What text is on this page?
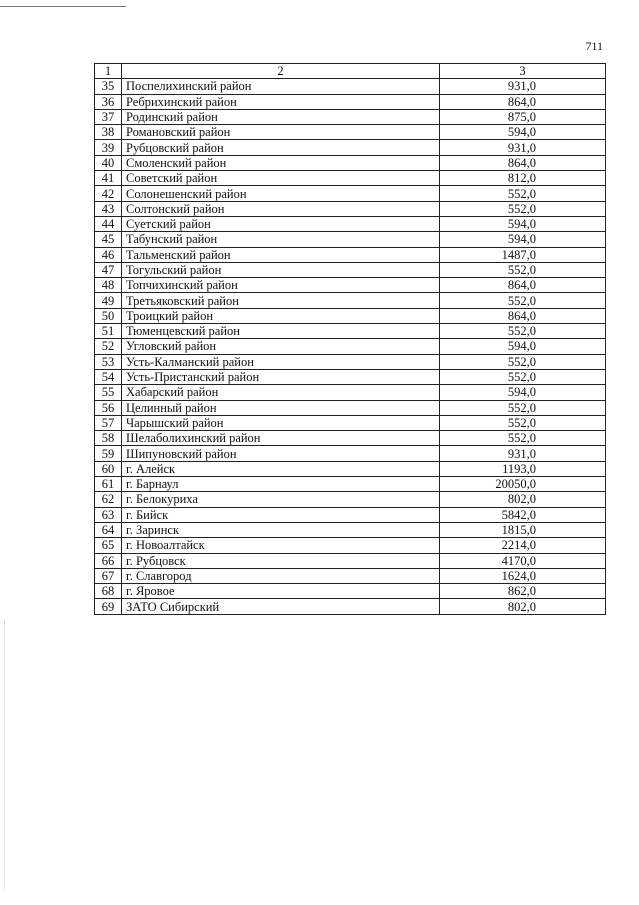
711
1	2	3
35	Поспелихинский район	931,0
36	Ребрихинский район	864,0
37	Родинский район	875,0
38	Романовский район	594,0
39	Рубцовский район	931,0
40	Смоленский район	864,0
41	Советский район	812,0
42	Солонешенский район	552,0
43	Солтонский район	552,0
44	Суетский район	594,0
45	Табунский район	594,0
46	Тальменский район	1487,0
47	Тогульский район	552,0
48	Топчихинский район	864,0
49	Третьяковский район	552,0
50	Троицкий район	864,0
51	Тюменцевский район	552,0
52	Угловский район	594,0
53	Усть-Калманский район	552,0
54	Усть-Пристанский район	552,0
55	Хабарский район	594,0
56	Целинный район	552,0
57	Чарышский район	552,0
58	Шелаболихинский район	552,0
59	Шипуновский район	931,0
60	г. Алейск	1193,0
61	г. Барнаул	20050,0
62	г. Белокуриха	802,0
63	г. Бийск	5842,0
64	г. Заринск	1815,0
65	г. Новоалтайск	2214,0
66	г. Рубцовск	4170,0
67	г. Славгород	1624,0
68	г. Яровое	862,0
69	ЗАТО Сибирский	802,0
